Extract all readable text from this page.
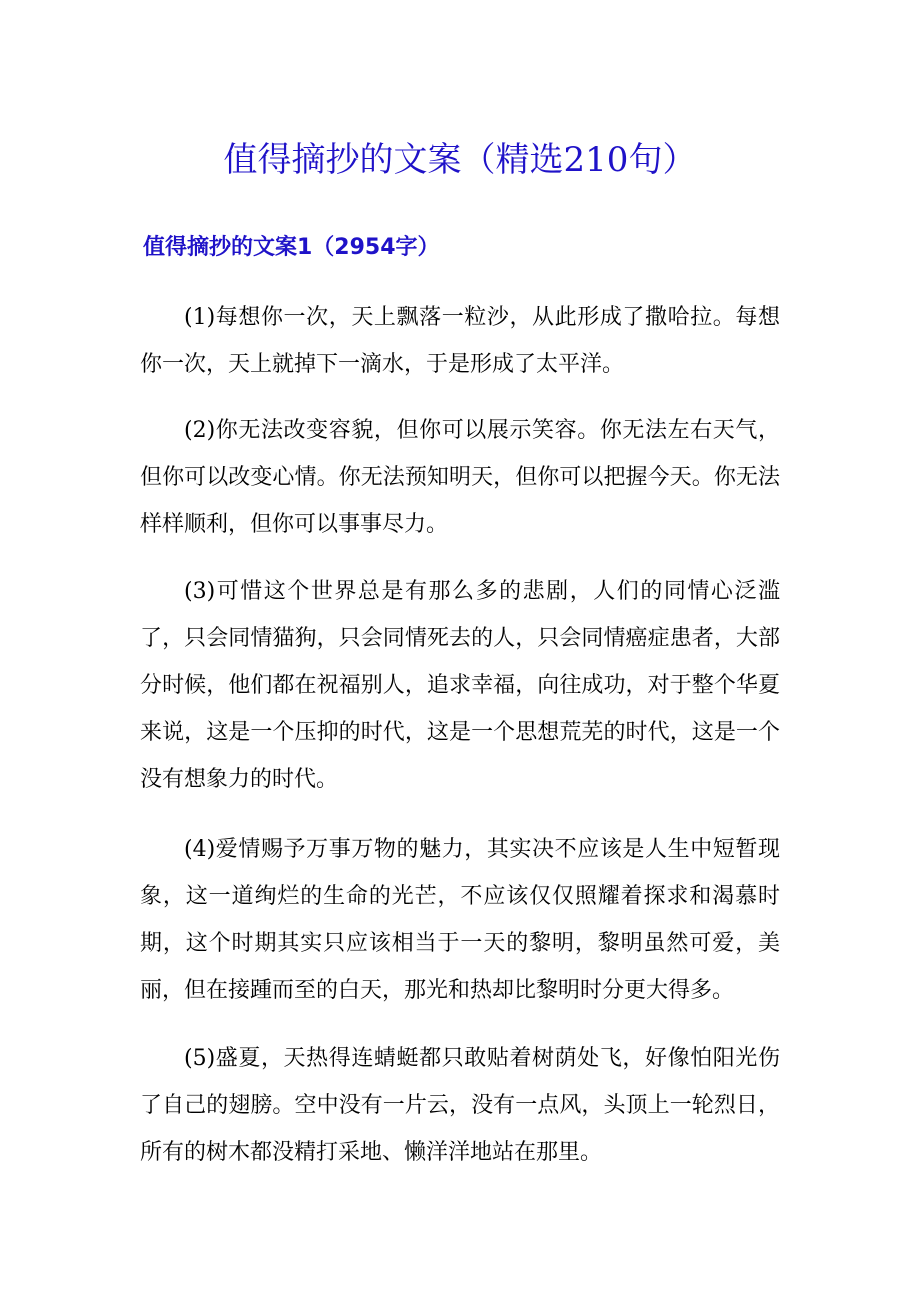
值得摘抄的文案（精选210句）
值得摘抄的文案1（2954字）

(1)每想你一次，天上飘落一粒沙，从此形成了撒哈拉。每想你一次，天上就掉下一滴水，于是形成了太平洋。

(2)你无法改变容貌，但你可以展示笑容。你无法左右天气，但你可以改变心情。你无法预知明天，但你可以把握今天。你无法样样顺利，但你可以事事尽力。

(3)可惜这个世界总是有那么多的悲剧，人们的同情心泛滥了，只会同情猫狗，只会同情死去的人，只会同情癌症患者，大部分时候，他们都在祝福别人，追求幸福，向往成功，对于整个华夏来说，这是一个压抑的时代，这是一个思想荒芜的时代，这是一个没有想象力的时代。

(4)爱情赐予万事万物的魅力，其实决不应该是人生中短暂现象，这一道绚烂的生命的光芒，不应该仅仅照耀着探求和渴慕时期，这个时期其实只应该相当于一天的黎明，黎明虽然可爱，美丽，但在接踵而至的白天，那光和热却比黎明时分更大得多。

(5)盛夏，天热得连蜻蜓都只敢贴着树荫处飞，好像怕阳光伤了自己的翅膀。空中没有一片云，没有一点风，头顶上一轮烈日，所有的树木都没精打采地、懒洋洋地站在那里。
